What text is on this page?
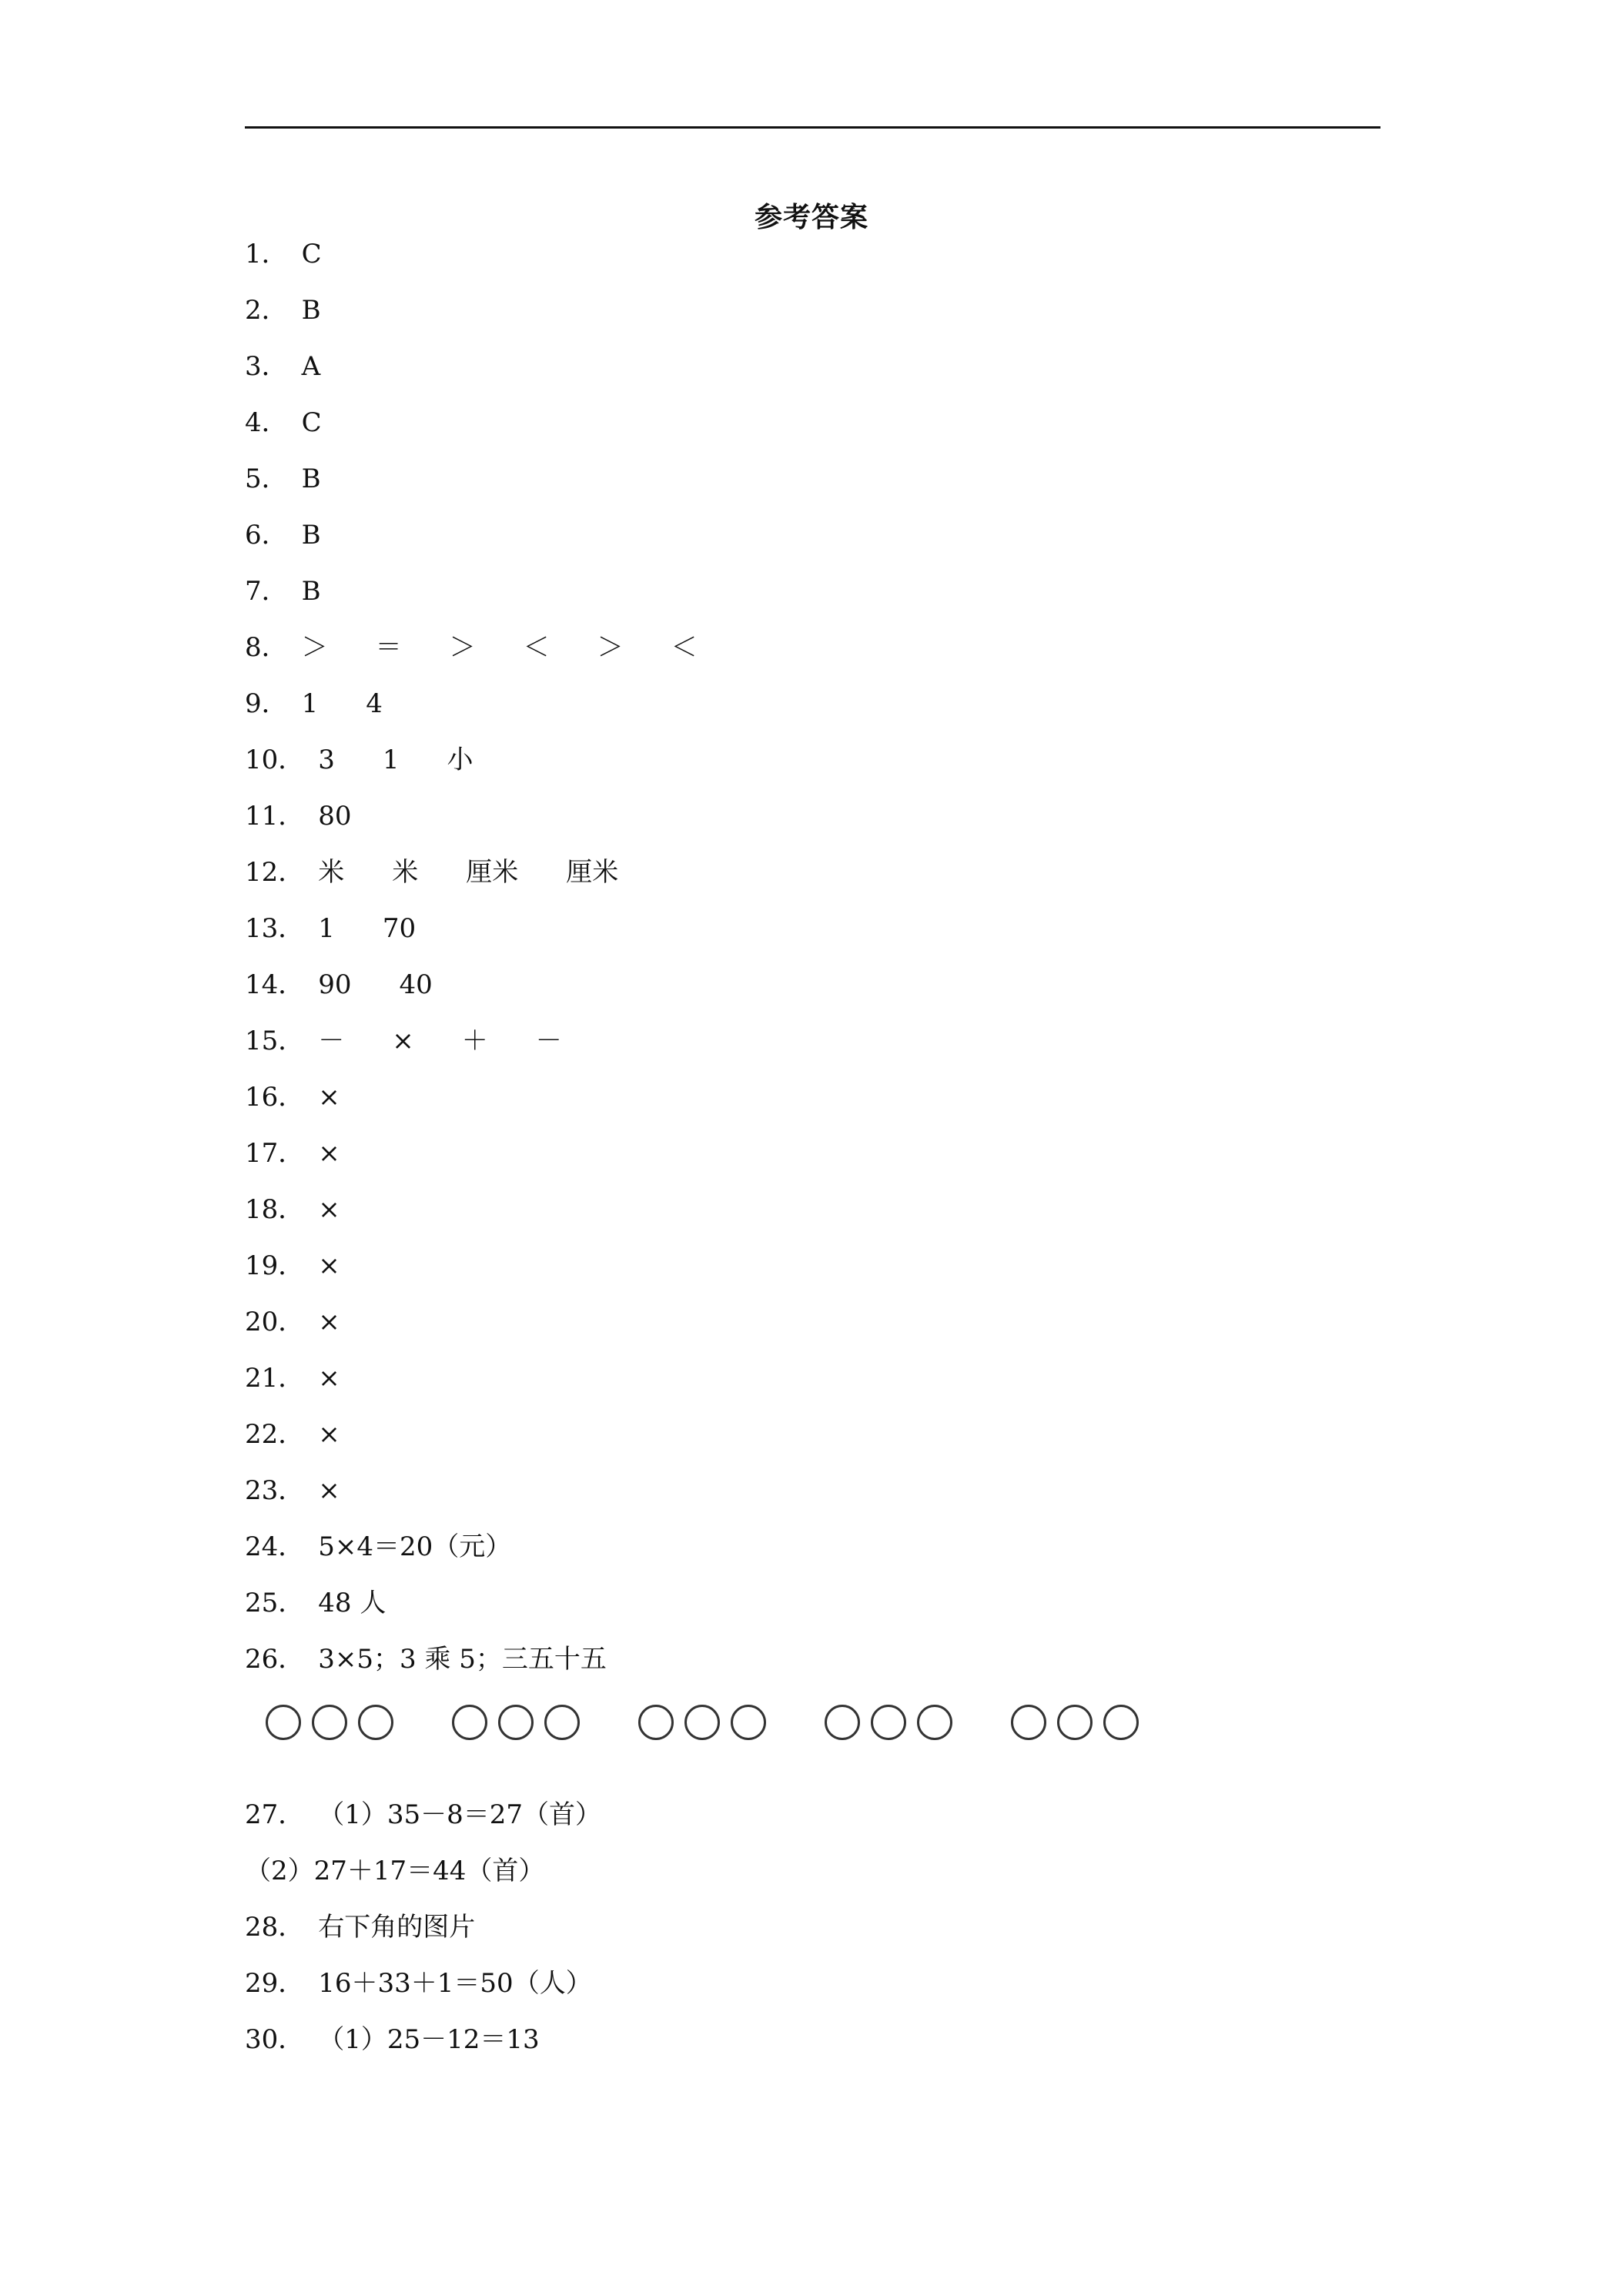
参考答案
1． C
2． B
3． A
4． C
5． B
6． B
7． B
8． ＞ ＝ ＞ ＜ ＞ ＜
9． 1 4
10． 3 1 小
11． 80
12． 米 米 厘米 厘米
13． 1 70
14． 90 40
15． － × ＋ －
16． ×
17． ×
18． ×
19． ×
20． ×
21． ×
22． ×
23． ×
24． 5×4＝20（元）
25． 48 人
26． 3×5；3 乘 5；三五十五
27． （1）35－8＝27（首）
（2）27＋17＝44（首）
28． 右下角的图片
29． 16＋33＋1＝50（人）
30． （1）25－12＝13
